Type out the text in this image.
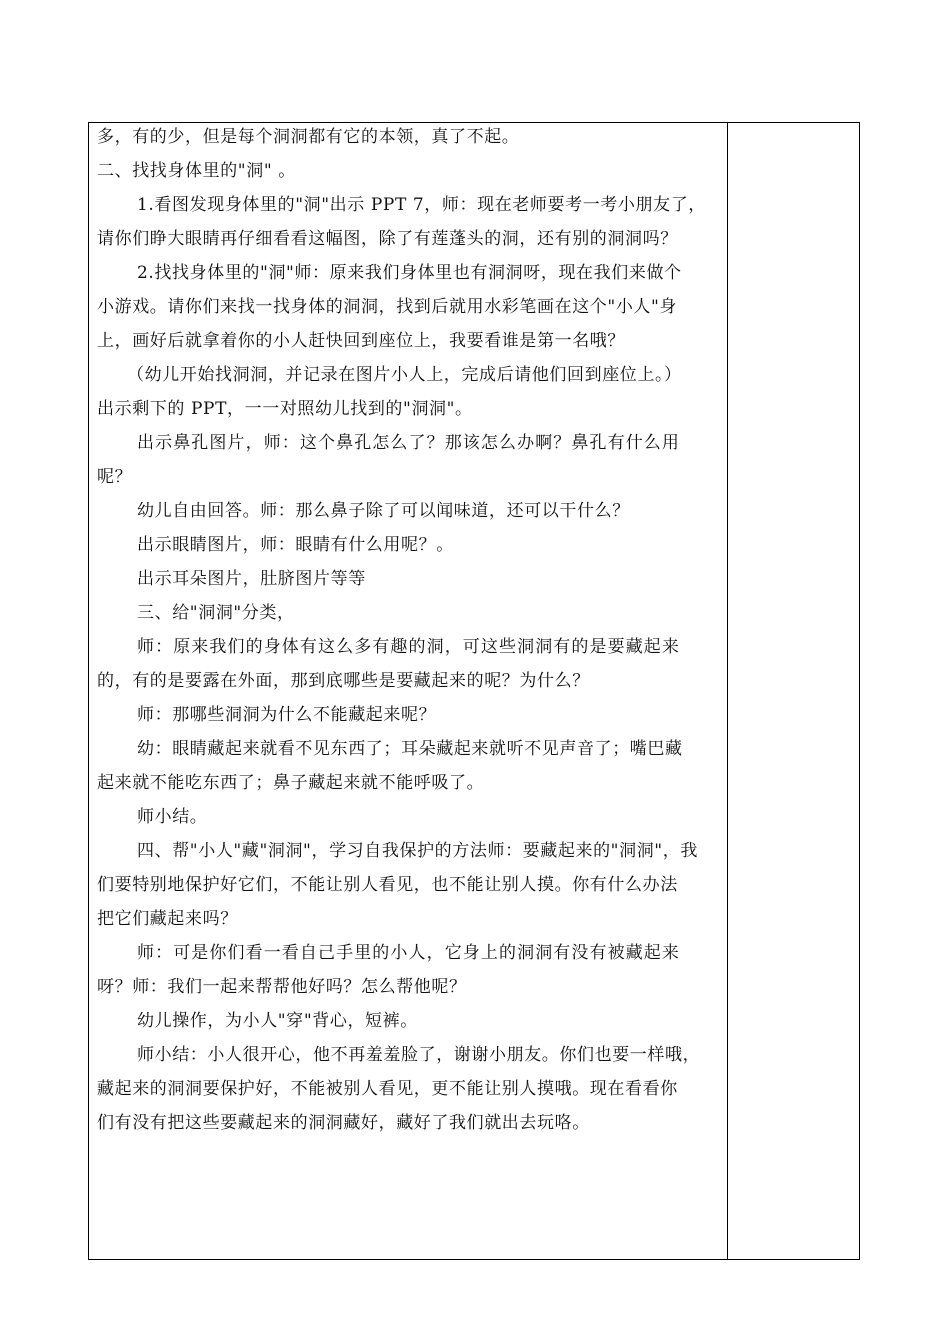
多，有的少，但是每个洞洞都有它的本领，真了不起。
二、找找身体里的"洞" 。
1.看图发现身体里的"洞"出示 PPT 7，师：现在老师要考一考小朋友了，
请你们睁大眼睛再仔细看看这幅图，除了有莲蓬头的洞，还有别的洞洞吗？
2.找找身体里的"洞"师：原来我们身体里也有洞洞呀，现在我们来做个
小游戏。请你们来找一找身体的洞洞，找到后就用水彩笔画在这个"小人"身
上，画好后就拿着你的小人赶快回到座位上，我要看谁是第一名哦？
（幼儿开始找洞洞，并记录在图片小人上，完成后请他们回到座位上。）
出示剩下的 PPT，一一对照幼儿找到的"洞洞"。
出示鼻孔图片，师：这个鼻孔怎么了？那该怎么办啊？鼻孔有什么用
呢？
幼儿自由回答。师：那么鼻子除了可以闻味道，还可以干什么？
出示眼睛图片，师：眼睛有什么用呢？。
出示耳朵图片，肚脐图片等等
三、给"洞洞"分类，
师：原来我们的身体有这么多有趣的洞，可这些洞洞有的是要藏起来
的，有的是要露在外面，那到底哪些是要藏起来的呢？为什么？
师：那哪些洞洞为什么不能藏起来呢？
幼：眼睛藏起来就看不见东西了；耳朵藏起来就听不见声音了；嘴巴藏
起来就不能吃东西了；鼻子藏起来就不能呼吸了。
师小结。
四、帮"小人"藏"洞洞"，学习自我保护的方法师：要藏起来的"洞洞"，我
们要特别地保护好它们，不能让别人看见，也不能让别人摸。你有什么办法
把它们藏起来吗？
师：可是你们看一看自己手里的小人，它身上的洞洞有没有被藏起来
呀？师：我们一起来帮帮他好吗？怎么帮他呢？
幼儿操作，为小人"穿"背心，短裤。
师小结：小人很开心，他不再羞羞脸了，谢谢小朋友。你们也要一样哦，
藏起来的洞洞要保护好，不能被别人看见，更不能让别人摸哦。现在看看你
们有没有把这些要藏起来的洞洞藏好，藏好了我们就出去玩咯。
